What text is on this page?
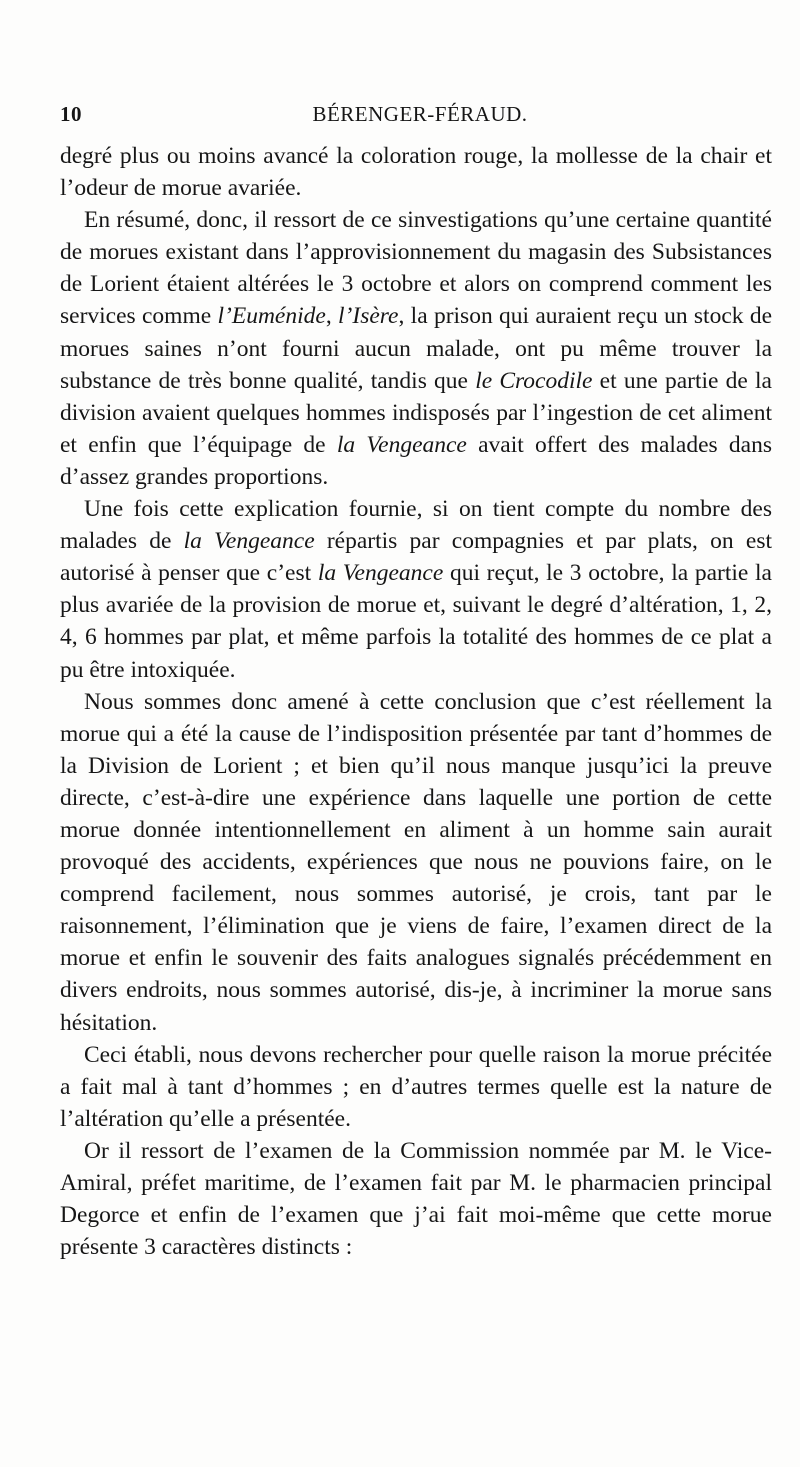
10	BÉRENGER-FÉRAUD.

degré plus ou moins avancé la coloration rouge, la mollesse de la chair et l’odeur de morue avariée.

En résumé, donc, il ressort de ce sinvestigations qu’une certaine quantité de morues existant dans l’approvisionnement du magasin des Subsistances de Lorient étaient altérées le 3 octobre et alors on comprend comment les services comme l’Euménide, l’Isère, la prison qui auraient reçu un stock de morues saines n’ont fourni aucun malade, ont pu même trouver la substance de très bonne qualité, tandis que le Crocodile et une partie de la division avaient quelques hommes indisposés par l’ingestion de cet aliment et enfin que l’équipage de la Vengeance avait offert des malades dans d’assez grandes proportions.

Une fois cette explication fournie, si on tient compte du nombre des malades de la Vengeance répartis par compagnies et par plats, on est autorisé à penser que c’est la Vengeance qui reçut, le 3 octobre, la partie la plus avariée de la provision de morue et, suivant le degré d’altération, 1, 2, 4, 6 hommes par plat, et même parfois la totalité des hommes de ce plat a pu être intoxiquée.

Nous sommes donc amené à cette conclusion que c’est réellement la morue qui a été la cause de l’indisposition présentée par tant d’hommes de la Division de Lorient ; et bien qu’il nous manque jusqu’ici la preuve directe, c’est-à-dire une expérience dans laquelle une portion de cette morue donnée intentionnellement en aliment à un homme sain aurait provoqué des accidents, expériences que nous ne pouvions faire, on le comprend facilement, nous sommes autorisé, je crois, tant par le raisonnement, l’élimination que je viens de faire, l’examen direct de la morue et enfin le souvenir des faits analogues signalés précédemment en divers endroits, nous sommes autorisé, dis-je, à incriminer la morue sans hésitation.

Ceci établi, nous devons rechercher pour quelle raison la morue précitée a fait mal à tant d’hommes ; en d’autres termes quelle est la nature de l’altération qu’elle a présentée.

Or il ressort de l’examen de la Commission nommée par M. le Vice-Amiral, préfet maritime, de l’examen fait par M. le pharmacien principal Degorce et enfin de l’examen que j’ai fait moi-même que cette morue présente 3 caractères distincts :
